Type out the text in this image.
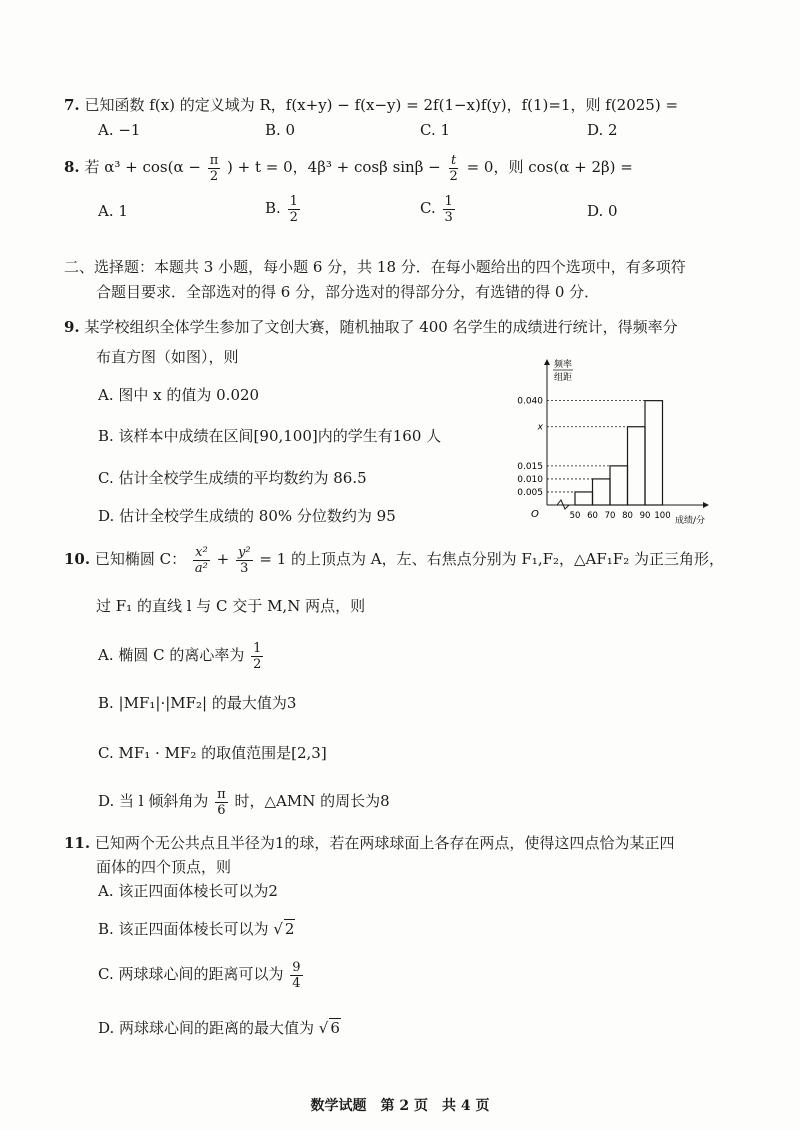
7. 已知函数 f(x) 的定义域为 R，f(x+y) − f(x−y) = 2f(1−x)f(y)，f(1)=1，则 f(2025) =
A. −1	B. 0	C. 1	D. 2
8. 若 $\alpha^3 + \cos(\alpha - \frac{\pi}{2}$ ) + t = 0，4β³ + cosβ $\sin\beta - \frac{t}{2} = 0$，则 cos(α + 2β) =
A. 1	B. $\frac{1}{2}$	C. $\frac{1}{3}$	D. 0
二、选择题：本题共 3 小题，每小题 6 分，共 18 分．在每小题给出的四个选项中，有多项符
合题目要求．全部选对的得 6 分，部分选对的得部分分，有选错的得 0 分．
9. 某学校组织全体学生参加了文创大赛，随机抽取了 400 名学生的成绩进行统计，得频率分
布直方图（如图），则
A. 图中 x 的值为 0.020
B. 该样本中成绩在区间[90,100]内的学生有160 人
C. 估计全校学生成绩的平均数约为 86.5
D. 估计全校学生成绩的 80% 分位数约为 95
0.005
0.010
0.015
x
0.040
50 60 70 80 90 100
频率
组距
成绩/分
O
10. 已知椭圆 C： $\frac{\text{x²}}{\text{a²}} + \frac{\text{y²}}{3} = 1$ 的上顶点为 A，左、右焦点分别为 F₁,F₂，△AF₁F₂ 为正三角形，
过 F₁ 的直线 l 与 C 交于 M,N 两点，则
A. 椭圆 C 的离心率为 $\frac{1}{2}$
B. |MF₁|·|MF₂| 的最大值为3
C. MF₁ · MF₂ 的取值范围是[2,3]
D. 当 l 倾斜角为 $\frac{\pi}{6}$ 时，△AMN 的周长为8
11. 已知两个无公共点且半径为1的球，若在两球球面上各存在两点，使得这四点恰为某正四
面体的四个顶点，则
A. 该正四面体棱长可以为2
B. 该正四面体棱长可以为 √ 2
C. 两球球心间的距离可以为 $\frac{9}{4}$
D. 两球球心间的距离的最大值为 √ 6
数学试题　第 2 页　共 4 页
